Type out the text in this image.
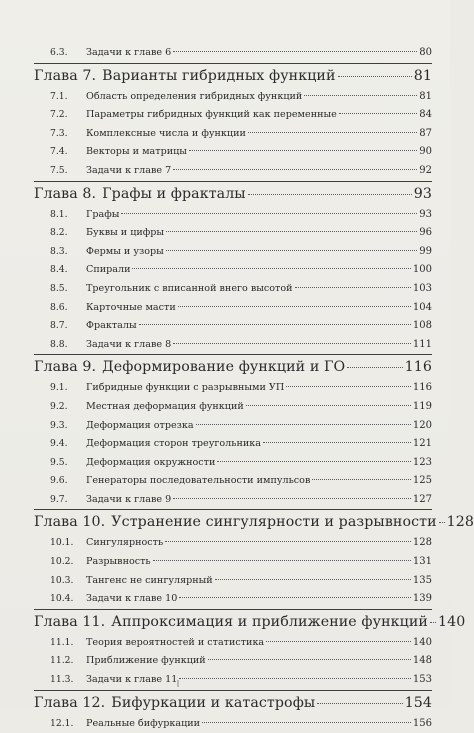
6.3.	Задачи к главе 6	80
Глава 7. Варианты гибридных функций	81
7.1.	Область определения гибридных функций	81
7.2.	Параметры гибридных функций как переменные	84
7.3.	Комплексные числа и функции	87
7.4.	Векторы и матрицы	90
7.5.	Задачи к главе 7	92
Глава 8. Графы и фракталы	93
8.1.	Графы	93
8.2.	Буквы и цифры	96
8.3.	Фермы и узоры	99
8.4.	Спирали	100
8.5.	Треугольник с вписанной внего высотой	103
8.6.	Карточные масти	104
8.7.	Фракталы	108
8.8.	Задачи к главе 8	111
Глава 9. Деформирование функций и ГО	116
9.1.	Гибридные функции с разрывными УП	116
9.2.	Местная деформация функций	119
9.3.	Деформация отрезка	120
9.4.	Деформация сторон треугольника	121
9.5.	Деформация окружности	123
9.6.	Генераторы последовательности импульсов	125
9.7.	Задачи к главе 9	127
Глава 10. Устранение сингулярности и разрывности 128
10.1.	Сингулярность	128
10.2.	Разрывность	131
10.3.	Тангенс не сингулярный	135
10.4.	Задачи к главе 10	139
Глава 11. Аппроксимация и приближение функций 140
11.1.	Теория вероятностей и статистика	140
11.2.	Приближение функций	148
11.3.	Задачи к главе 11	153
Глава 12. Бифуркации и катастрофы	154
12.1.	Реальные бифуркации	156
